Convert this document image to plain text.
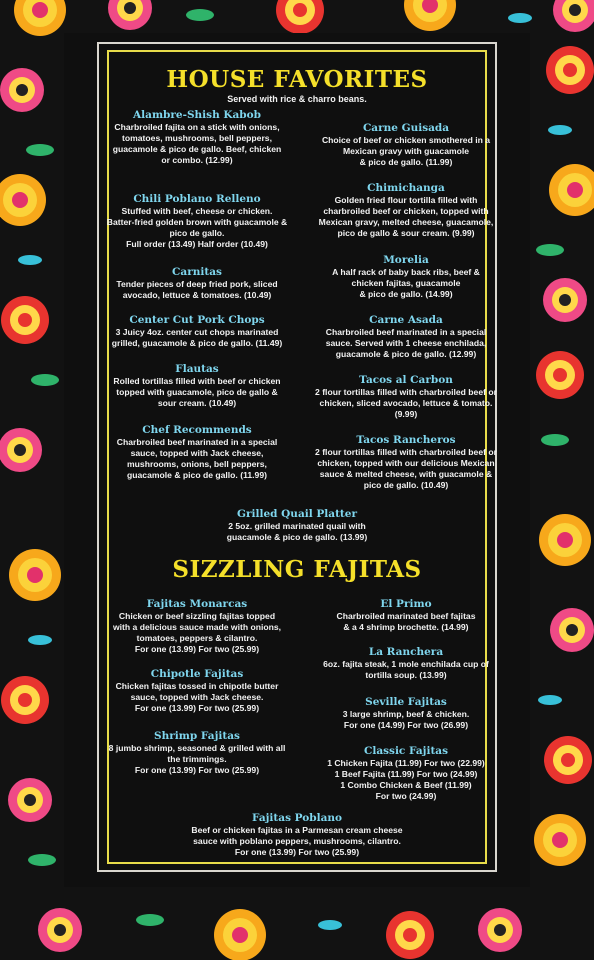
HOUSE FAVORITES
Served with rice & charro beans.
Alambre-Shish Kabob
Charbroiled fajita on a stick with onions,
tomatoes, mushrooms, bell peppers,
guacamole & pico de gallo. Beef, chicken
or combo. (12.99)
Chili Poblano Relleno
Stuffed with beef, cheese or chicken.
Batter-fried golden brown with guacamole &
pico de gallo.
Full order (13.49) Half order (10.49)
Carnitas
Tender pieces of deep fried pork, sliced
avocado, lettuce & tomatoes. (10.49)
Center Cut Pork Chops
3 Juicy 4oz. center cut chops marinated
grilled, guacamole & pico de gallo. (11.49)
Flautas
Rolled tortillas filled with beef or chicken
topped with guacamole, pico de gallo &
sour cream. (10.49)
Chef Recommends
Charbroiled beef marinated in a special
sauce, topped with Jack cheese,
mushrooms, onions, bell peppers,
guacamole & pico de gallo. (11.99)
Carne Guisada
Choice of beef or chicken smothered in a
Mexican gravy with guacamole
& pico de gallo. (11.99)
Chimichanga
Golden fried flour tortilla filled with
charbroiled beef or chicken, topped with
Mexican gravy, melted cheese, guacamole,
pico de gallo & sour cream. (9.99)
Morelia
A half rack of baby back ribs, beef &
chicken fajitas, guacamole
& pico de gallo. (14.99)
Carne Asada
Charbroiled beef marinated in a special
sauce. Served with 1 cheese enchilada,
guacamole & pico de gallo. (12.99)
Tacos al Carbon
2 flour tortillas filled with charbroiled beef or
chicken, sliced avocado, lettuce & tomato.
(9.99)
Tacos Rancheros
2 flour tortillas filled with charbroiled beef or
chicken, topped with our delicious Mexican
sauce & melted cheese, with guacamole &
pico de gallo. (10.49)
Grilled Quail Platter
2 5oz. grilled marinated quail with
guacamole & pico de gallo. (13.99)
SIZZLING FAJITAS
Fajitas Monarcas
Chicken or beef sizzling fajitas topped
with a delicious sauce made with onions,
tomatoes, peppers & cilantro.
For one (13.99) For two (25.99)
Chipotle Fajitas
Chicken fajitas tossed in chipotle butter
sauce, topped with Jack cheese.
For one (13.99) For two (25.99)
Shrimp Fajitas
8 jumbo shrimp, seasoned & grilled with all
the trimmings.
For one (13.99) For two (25.99)
El Primo
Charbroiled marinated beef fajitas
& a 4 shrimp brochette. (14.99)
La Ranchera
6oz. fajita steak, 1 mole enchilada cup of
tortilla soup. (13.99)
Seville Fajitas
3 large shrimp, beef & chicken.
For one (14.99) For two (26.99)
Classic Fajitas
1 Chicken Fajita (11.99) For two (22.99)
1 Beef Fajita (11.99) For two (24.99)
1 Combo Chicken & Beef (11.99)
For two (24.99)
Fajitas Poblano
Beef or chicken fajitas in a Parmesan cream cheese
sauce with poblano peppers, mushrooms, cilantro.
For one (13.99) For two (25.99)
